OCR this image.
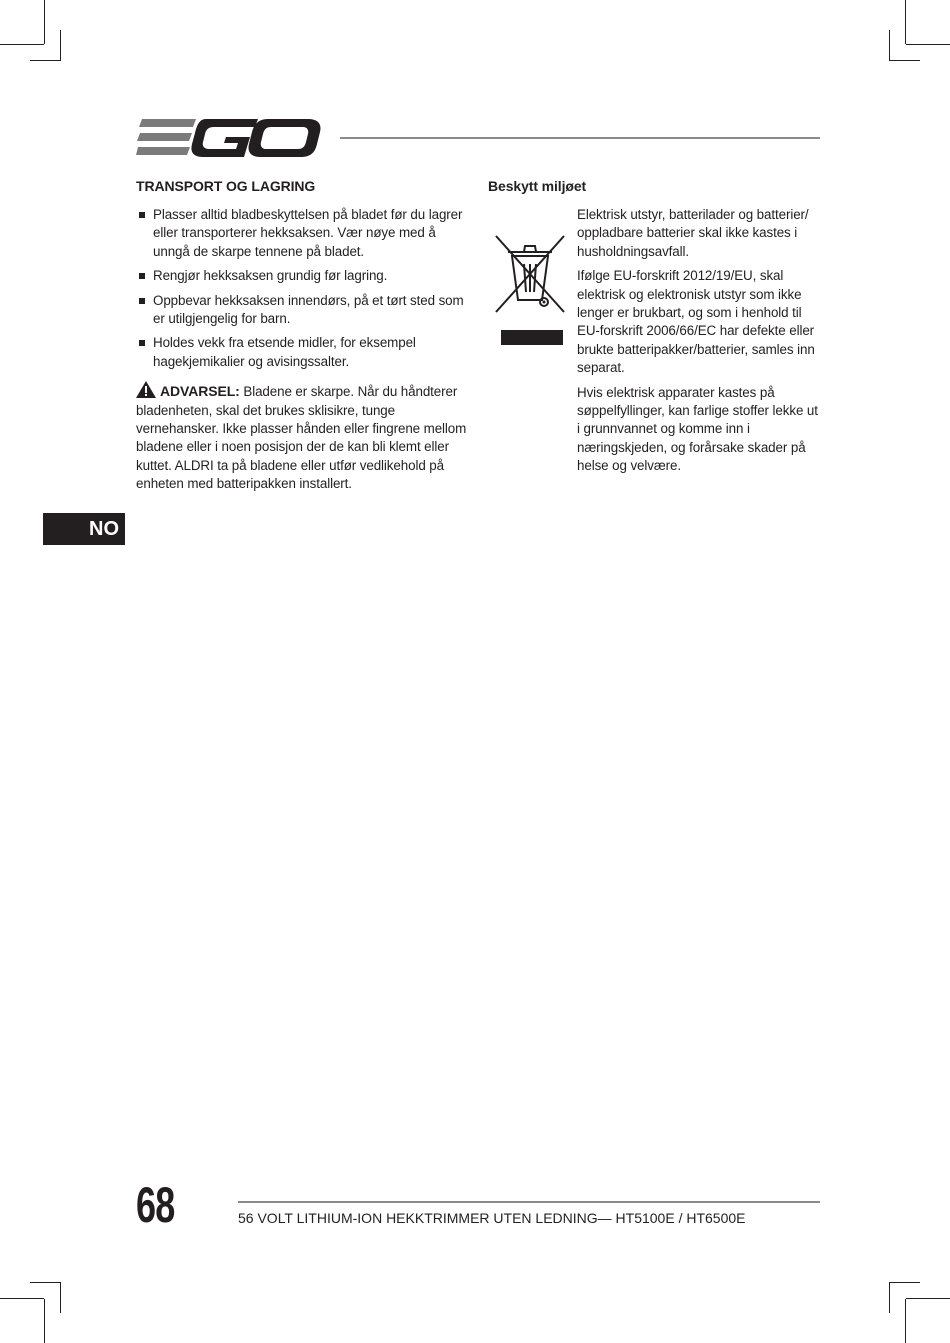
TRANSPORT OG LAGRING
Plasser alltid bladbeskyttelsen på bladet før du lagrer eller transporterer hekksaksen. Vær nøye med å unngå de skarpe tennene på bladet.
Rengjør hekksaksen grundig før lagring.
Oppbevar hekksaksen innendørs, på et tørt sted som er utilgjengelig for barn.
Holdes vekk fra etsende midler, for eksempel hagekjemikalier og avisingssalter.
ADVARSEL: Bladene er skarpe. Når du håndterer bladenheten, skal det brukes sklisikre, tunge vernehansker. Ikke plasser hånden eller fingrene mellom bladene eller i noen posisjon der de kan bli klemt eller kuttet. ALDRI ta på bladene eller utfør vedlikehold på enheten med batteripakken installert.
Beskytt miljøet

Elektrisk utstyr, batterilader og batterier/ oppladbare batterier skal ikke kastes i husholdningsavfall.

Ifølge EU-forskrift 2012/19/EU, skal elektrisk og elektronisk utstyr som ikke lenger er brukbart, og som i henhold til EU-forskrift 2006/66/EC har defekte eller brukte batteripakker/batterier, samles inn separat.

Hvis elektrisk apparater kastes på søppelfyllinger, kan farlige stoffer lekke ut i grunnvannet og komme inn i næringskjeden, og forårsake skader på helse og velvære.

NO
68	56 VOLT LITHIUM-ION HEKKTRIMMER UTEN LEDNING— HT5100E / HT6500E
